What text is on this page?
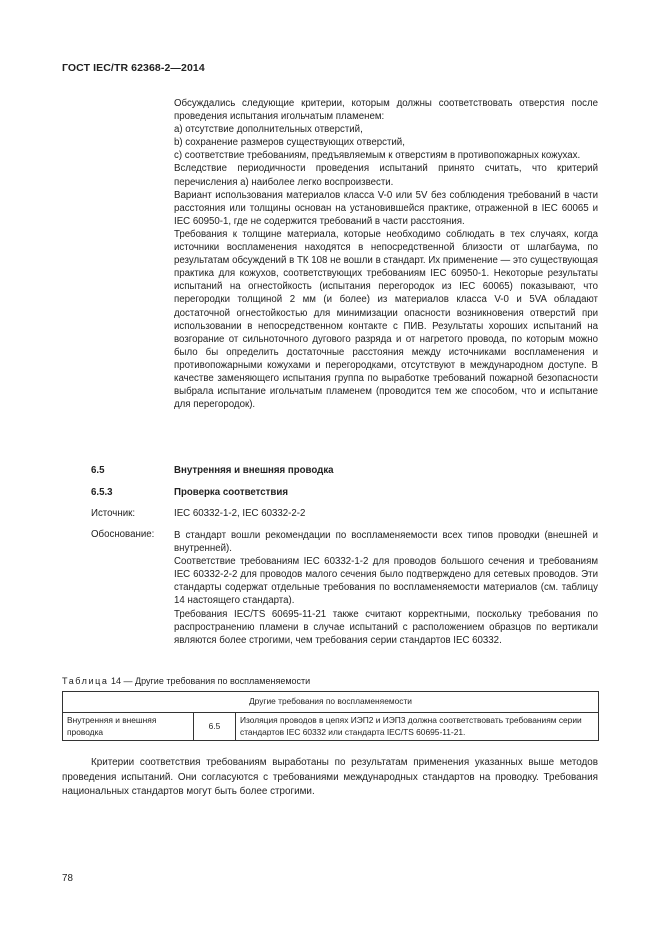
ГОСТ IEC/TR 62368-2—2014

Обсуждались следующие критерии, которым должны соответствовать отверстия после проведения испытания игольчатым пламенем:

a) отсутствие дополнительных отверстий,

b) сохранение размеров существующих отверстий,

c) соответствие требованиям, предъявляемым к отверстиям в противопожарных кожухах.

Вследствие периодичности проведения испытаний принято считать, что критерий перечисления а) наиболее легко воспроизвести.

Вариант использования материалов класса V-0 или 5V без соблюдения требований в части расстояния или толщины основан на установившейся практике, отраженной в IEC 60065 и IEC 60950-1, где не содержится требований в части расстояния.

Требования к толщине материала, которые необходимо соблюдать в тех случаях, когда источники воспламенения находятся в непосредственной близости от шлагбаума, по результатам обсуждений в ТК 108 не вошли в стандарт. Их применение — это существующая практика для кожухов, соответствующих требованиям IEC 60950-1. Некоторые результаты испытаний на огнестойкость (испытания перегородок из IEC 60065) показывают, что перегородки толщиной 2 мм (и более) из материалов класса V-0 и 5VA обладают достаточной огнестойкостью для минимизации опасности возникновения отверстий при использовании в непосредственном контакте с ПИВ. Результаты хороших испытаний на возгорание от сильноточного дугового разряда и от нагретого провода, по которым можно было бы определить достаточные расстояния между источниками воспламенения и противопожарными кожухами и перегородками, отсутствуют в международном доступе. В качестве заменяющего испытания группа по выработке требований пожарной безопасности выбрала испытание игольчатым пламенем (проводится тем же способом, что и испытание для перегородок).

6.5	Внутренняя и внешняя проводка
6.5.3	Проверка соответствия
Источник:	IEC 60332-1-2, IEC 60332-2-2
Обоснование: В стандарт вошли рекомендации по воспламеняемости всех типов проводки (внешней и внутренней).

Соответствие требованиям IEC 60332-1-2 для проводов большого сечения и требованиям IEC 60332-2-2 для проводов малого сечения было подтверждено для сетевых проводов. Эти стандарты содержат отдельные требования по воспламеняемости материалов (см. таблицу 14 настоящего стандарта).

Требования IEC/TS 60695-11-21 также считают корректными, поскольку требования по распространению пламени в случае испытаний с расположением образцов по вертикали являются более строгими, чем требования серии стандартов IEC 60332.

Таблица 14 — Другие требования по воспламеняемости
Другие требования по воспламеняемости
Внутренняя и внешняя проводка	6.5	Изоляция проводов в цепях ИЭП2 и ИЭП3 должна соответствовать требованиям серии стандартов IEC 60332 или стандарта IEC/TS 60695-11-21.

Критерии соответствия требованиям выработаны по результатам применения указанных выше методов проведения испытаний. Они согласуются с требованиями международных стандартов на проводку. Требования национальных стандартов могут быть более строгими.

78
